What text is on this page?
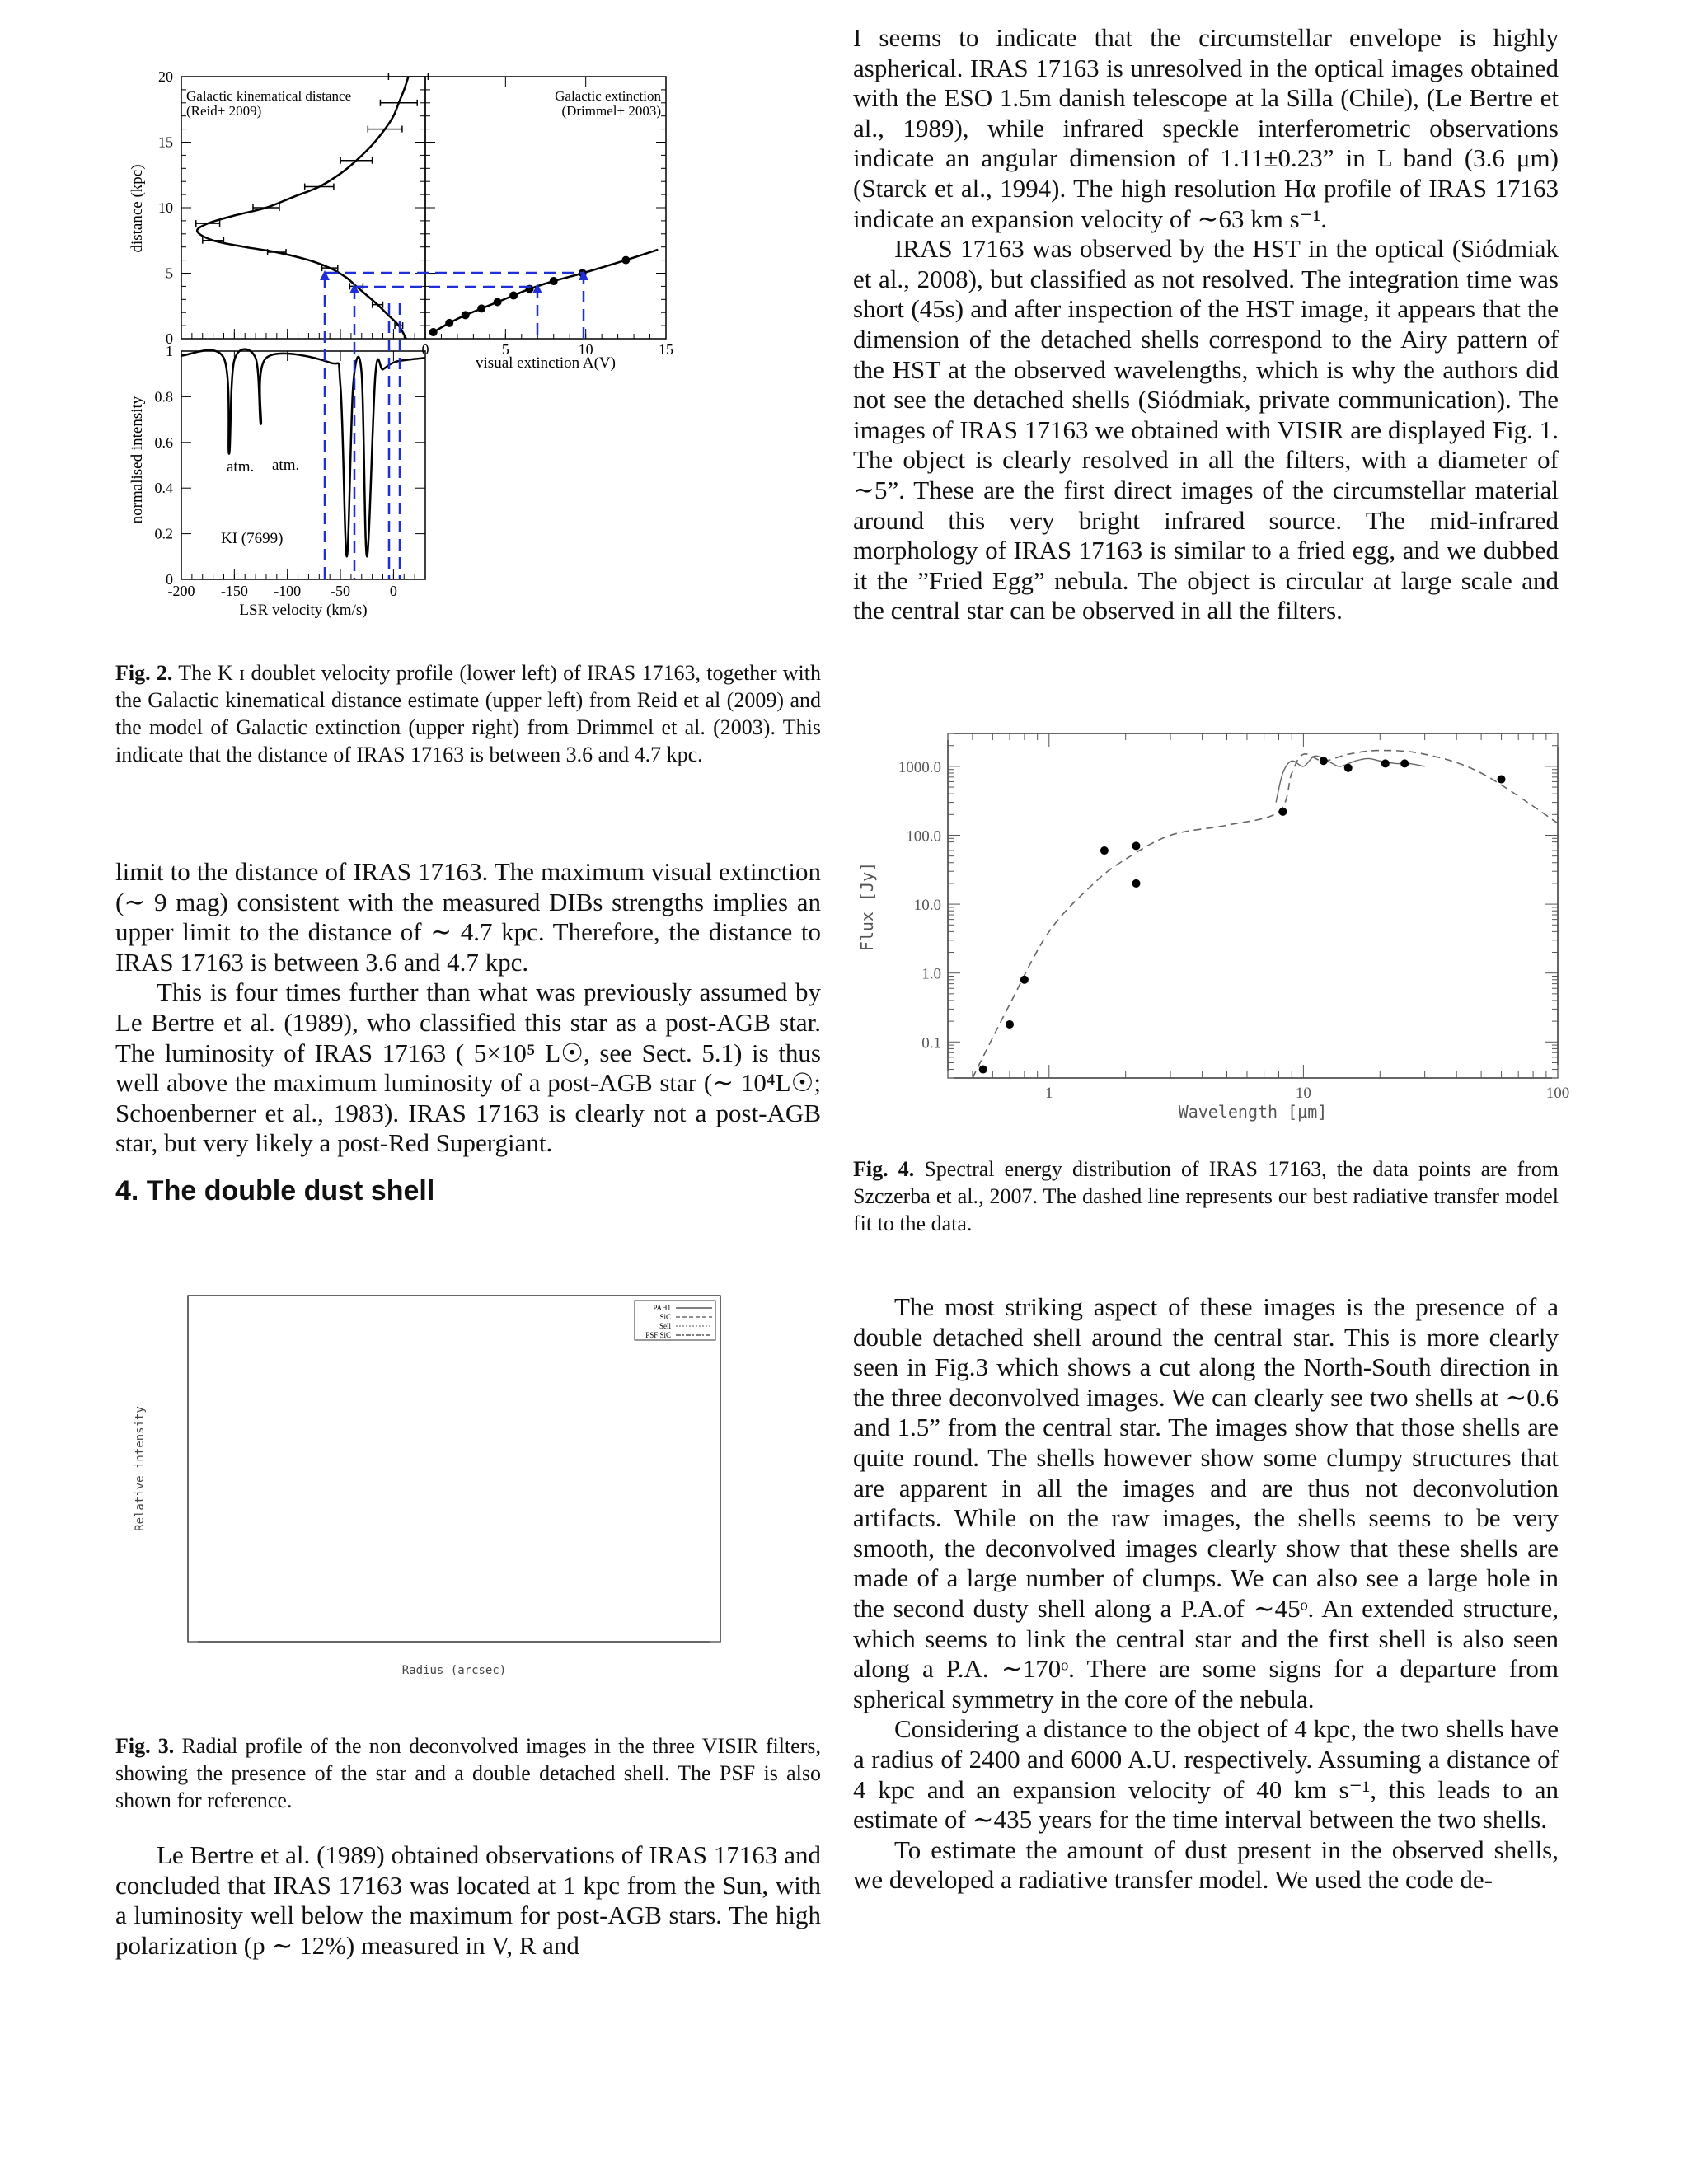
Galactic kinematical distance
(Reid+ 2009)
Galactic extinction
(Drimmel+ 2003)
distance (kpc)
normalised intensity
visual extinction A(V)
LSR velocity (km/s)
atm. atm.
KI (7699)
0
5
10
15
20
0
0.2
0.4
0.6
0.8
1	0	5	10	15
-200 -150 -100 -50	0
Fig. 2. The K ɪ doublet velocity profile (lower left) of IRAS 17163, together with the Galactic kinematical distance estimate (upper left) from Reid et al (2009) and the model of Galactic extinction (upper right) from Drimmel et al. (2003). This indicate that the distance of IRAS 17163 is between 3.6 and 4.7 kpc.

limit to the distance of IRAS 17163. The maximum visual extinction (∼ 9 mag) consistent with the measured DIBs strengths implies an upper limit to the distance of ∼ 4.7 kpc. Therefore, the distance to IRAS 17163 is between 3.6 and 4.7 kpc.

This is four times further than what was previously assumed by Le Bertre et al. (1989), who classified this star as a post-AGB star. The luminosity of IRAS 17163 ( 5×10⁵ L☉, see Sect. 5.1) is thus well above the maximum luminosity of a post-AGB star (∼ 10⁴L☉; Schoenberner et al., 1983). IRAS 17163 is clearly not a post-AGB star, but very likely a post-Red Supergiant.

4. The double dust shell
PAH1
SiC
Sell
PSF SiC
Relative intensity
Radius (arcsec)
Fig. 3. Radial profile of the non deconvolved images in the three VISIR filters, showing the presence of the star and a double detached shell. The PSF is also shown for reference.

Le Bertre et al. (1989) obtained observations of IRAS 17163 and concluded that IRAS 17163 was located at 1 kpc from the Sun, with a luminosity well below the maximum for post-AGB stars. The high polarization (p ∼ 12%) measured in V, R and

I seems to indicate that the circumstellar envelope is highly aspherical. IRAS 17163 is unresolved in the optical images obtained with the ESO 1.5m danish telescope at la Silla (Chile), (Le Bertre et al., 1989), while infrared speckle interferometric observations indicate an angular dimension of 1.11±0.23” in L band (3.6 μm) (Starck et al., 1994). The high resolution Hα profile of IRAS 17163 indicate an expansion velocity of ∼63 km s⁻¹.

IRAS 17163 was observed by the HST in the optical (Siódmiak et al., 2008), but classified as not resolved. The integration time was short (45s) and after inspection of the HST image, it appears that the dimension of the detached shells correspond to the Airy pattern of the HST at the observed wavelengths, which is why the authors did not see the detached shells (Siódmiak, private communication). The images of IRAS 17163 we obtained with VISIR are displayed Fig. 1. The object is clearly resolved in all the filters, with a diameter of ∼5”. These are the first direct images of the circumstellar material around this very bright infrared source. The mid-infrared morphology of IRAS 17163 is similar to a fried egg, and we dubbed it the ”Fried Egg” nebula. The object is circular at large scale and the central star can be observed in all the filters.

1000.0
100.0
10.0
1.0
0.1
1	10	100
Flux [Jy]
Wavelength [μm]
Fig. 4. Spectral energy distribution of IRAS 17163, the data points are from Szczerba et al., 2007. The dashed line represents our best radiative transfer model fit to the data.

The most striking aspect of these images is the presence of a double detached shell around the central star. This is more clearly seen in Fig.3 which shows a cut along the North-South direction in the three deconvolved images. We can clearly see two shells at ∼0.6 and 1.5” from the central star. The images show that those shells are quite round. The shells however show some clumpy structures that are apparent in all the images and are thus not deconvolution artifacts. While on the raw images, the shells seems to be very smooth, the deconvolved images clearly show that these shells are made of a large number of clumps. We can also see a large hole in the second dusty shell along a P.A.of ∼45ᵒ. An extended structure, which seems to link the central star and the first shell is also seen along a P.A. ∼170ᵒ. There are some signs for a departure from spherical symmetry in the core of the nebula.

Considering a distance to the object of 4 kpc, the two shells have a radius of 2400 and 6000 A.U. respectively. Assuming a distance of 4 kpc and an expansion velocity of 40 km s⁻¹, this leads to an estimate of ∼435 years for the time interval between the two shells.

To estimate the amount of dust present in the observed shells, we developed a radiative transfer model. We used the code de-
